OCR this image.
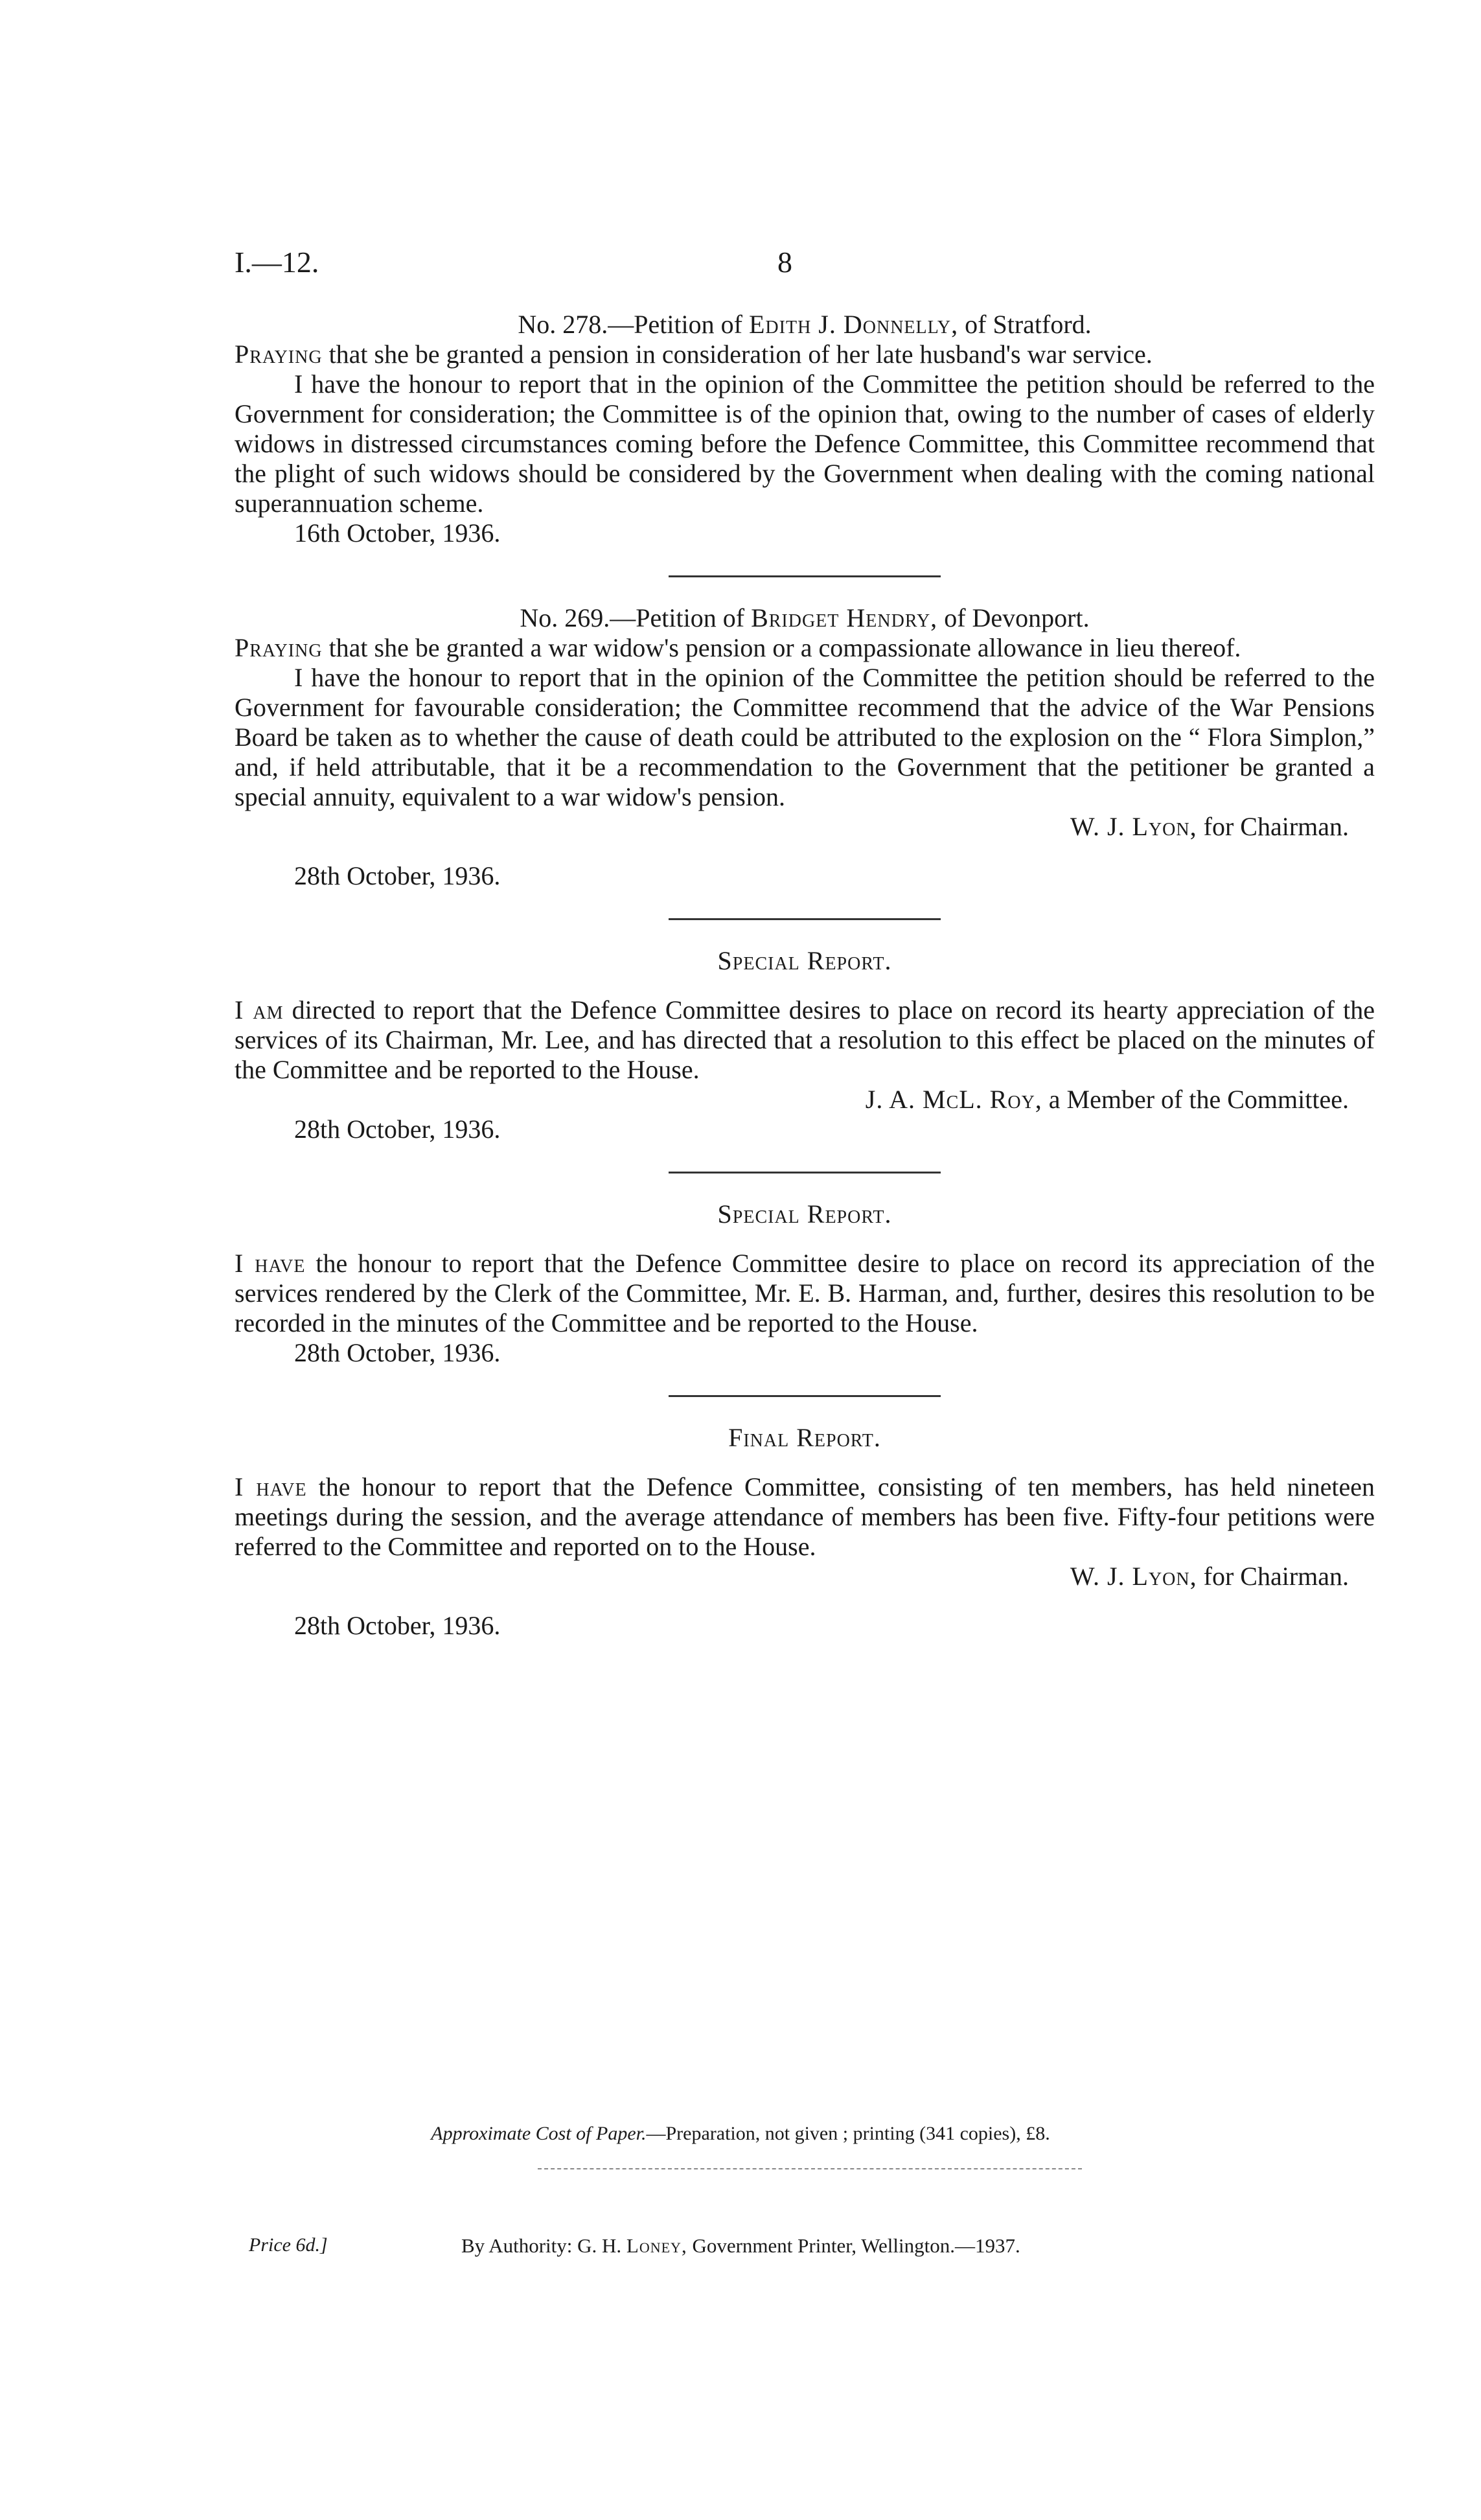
I.—12.	8
No. 278.—Petition of Edith J. Donnelly, of Stratford.

Praying that she be granted a pension in consideration of her late husband's war service.

I have the honour to report that in the opinion of the Committee the petition should be referred to the Government for consideration; the Committee is of the opinion that, owing to the number of cases of elderly widows in distressed circumstances coming before the Defence Committee, this Committee recommend that the plight of such widows should be considered by the Government when dealing with the coming national superannuation scheme.

16th October, 1936.
No. 269.—Petition of Bridget Hendry, of Devonport.

Praying that she be granted a war widow's pension or a compassionate allowance in lieu thereof.

I have the honour to report that in the opinion of the Committee the petition should be referred to the Government for favourable consideration; the Committee recommend that the advice of the War Pensions Board be taken as to whether the cause of death could be attributed to the explosion on the “ Flora Simplon,” and, if held attributable, that it be a recommendation to the Government that the petitioner be granted a special annuity, equivalent to a war widow's pension.

W. J. Lyon, for Chairman.
28th October, 1936.
Special Report.

I am directed to report that the Defence Committee desires to place on record its hearty appreciation of the services of its Chairman, Mr. Lee, and has directed that a resolution to this effect be placed on the minutes of the Committee and be reported to the House.

J. A. McL. Roy, a Member of the Committee.
28th October, 1936.
Special Report.

I have the honour to report that the Defence Committee desire to place on record its appreciation of the services rendered by the Clerk of the Committee, Mr. E. B. Harman, and, further, desires this resolution to be recorded in the minutes of the Committee and be reported to the House.

28th October, 1936.
Final Report.

I have the honour to report that the Defence Committee, consisting of ten members, has held nineteen meetings during the session, and the average attendance of members has been five. Fifty-four petitions were referred to the Committee and reported on to the House.

W. J. Lyon, for Chairman.
28th October, 1936.
Approximate Cost of Paper.—Preparation, not given ; printing (341 copies), £8.
Price 6d.]	By Authority: G. H. Loney, Government Printer, Wellington.—1937.
